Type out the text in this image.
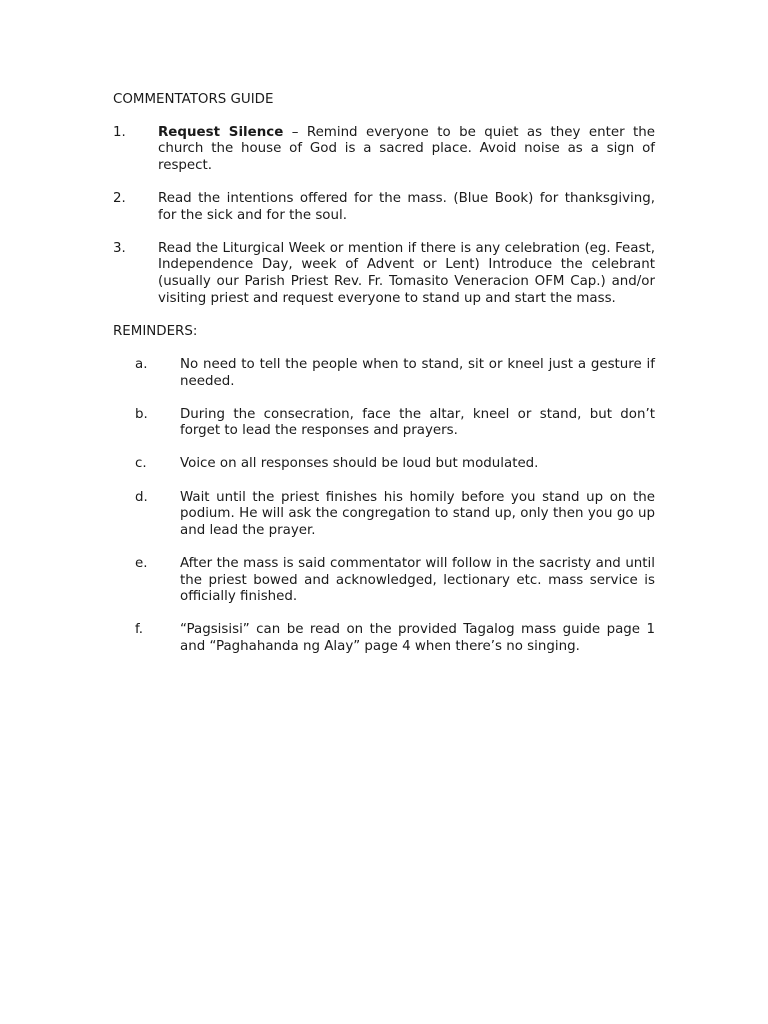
COMMENTATORS GUIDE
1.	Request Silence – Remind everyone to be quiet as they enter the church the house of God is a sacred place. Avoid noise as a sign of respect.
2.	Read the intentions offered for the mass. (Blue Book) for thanksgiving, for the sick and for the soul.
3.	Read the Liturgical Week or mention if there is any celebration (eg. Feast, Independence Day, week of Advent or Lent) Introduce the celebrant (usually our Parish Priest Rev. Fr. Tomasito Veneracion OFM Cap.) and/or visiting priest and request everyone to stand up and start the mass.
REMINDERS:
a.	No need to tell the people when to stand, sit or kneel just a gesture if needed.
b.	During the consecration, face the altar, kneel or stand, but don’t forget to lead the responses and prayers.
c.	Voice on all responses should be loud but modulated.
d.	Wait until the priest finishes his homily before you stand up on the podium. He will ask the congregation to stand up, only then you go up and lead the prayer.
e.	After the mass is said commentator will follow in the sacristy and until the priest bowed and acknowledged, lectionary etc. mass service is officially finished.
f.	“Pagsisisi” can be read on the provided Tagalog mass guide page 1 and “Paghahanda ng Alay” page 4 when there’s no singing.
